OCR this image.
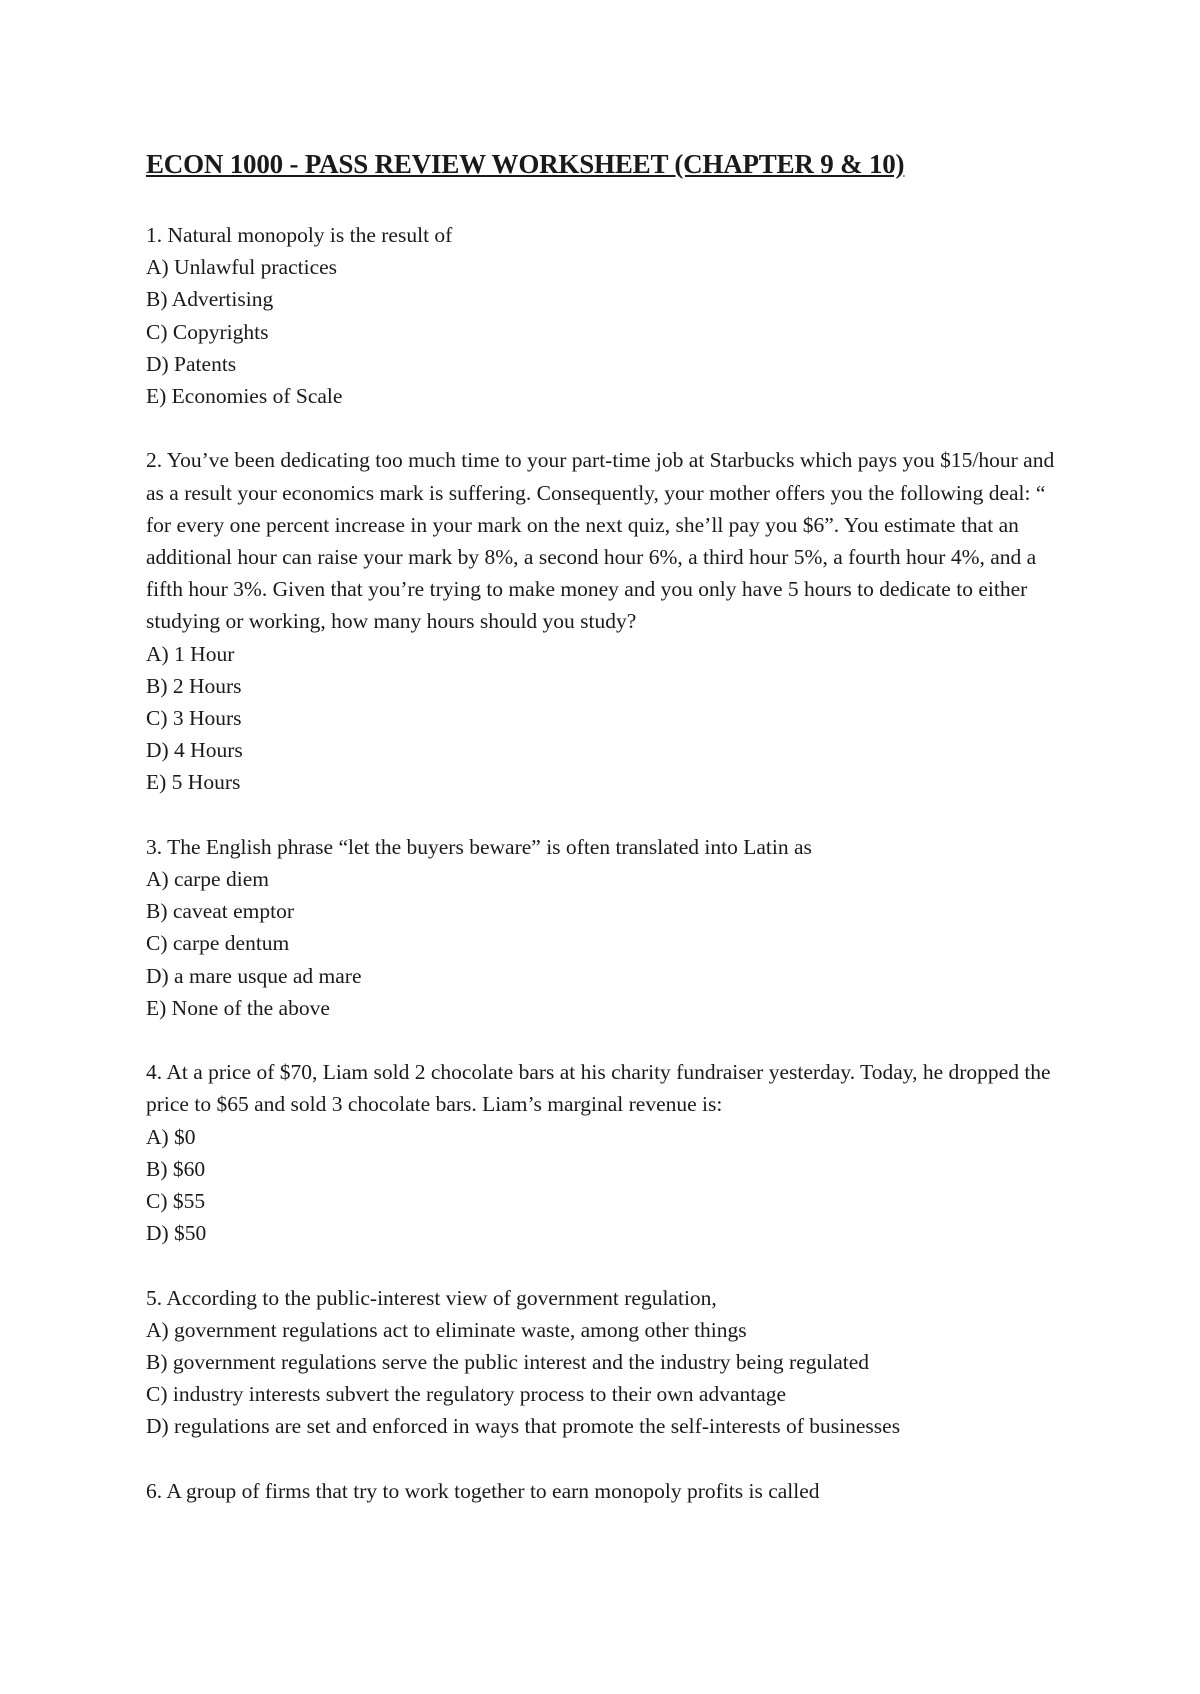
ECON 1000 - PASS REVIEW WORKSHEET (CHAPTER 9 & 10)

1. Natural monopoly is the result of

A) Unlawful practices
B) Advertising
C) Copyrights
D) Patents
E) Economies of Scale

2. You’ve been dedicating too much time to your part-time job at Starbucks which pays you $15/hour and as a result your economics mark is suffering. Consequently, your mother offers you the following deal: “ for every one percent increase in your mark on the next quiz, she’ll pay you $6”. You estimate that an additional hour can raise your mark by 8%, a second hour 6%, a third hour 5%, a fourth hour 4%, and a fifth hour 3%. Given that you’re trying to make money and you only have 5 hours to dedicate to either studying or working, how many hours should you study?

A) 1 Hour
B) 2 Hours
C) 3 Hours
D) 4 Hours
E) 5 Hours

3. The English phrase “let the buyers beware” is often translated into Latin as

A) carpe diem
B) caveat emptor
C) carpe dentum
D) a mare usque ad mare
E) None of the above

4. At a price of $70, Liam sold 2 chocolate bars at his charity fundraiser yesterday. Today, he dropped the price to $65 and sold 3 chocolate bars. Liam’s marginal revenue is:

A) $0
B) $60
C) $55
D) $50

5. According to the public-interest view of government regulation,

A) government regulations act to eliminate waste, among other things
B) government regulations serve the public interest and the industry being regulated
C) industry interests subvert the regulatory process to their own advantage
D) regulations are set and enforced in ways that promote the self-interests of businesses

6. A group of firms that try to work together to earn monopoly profits is called
